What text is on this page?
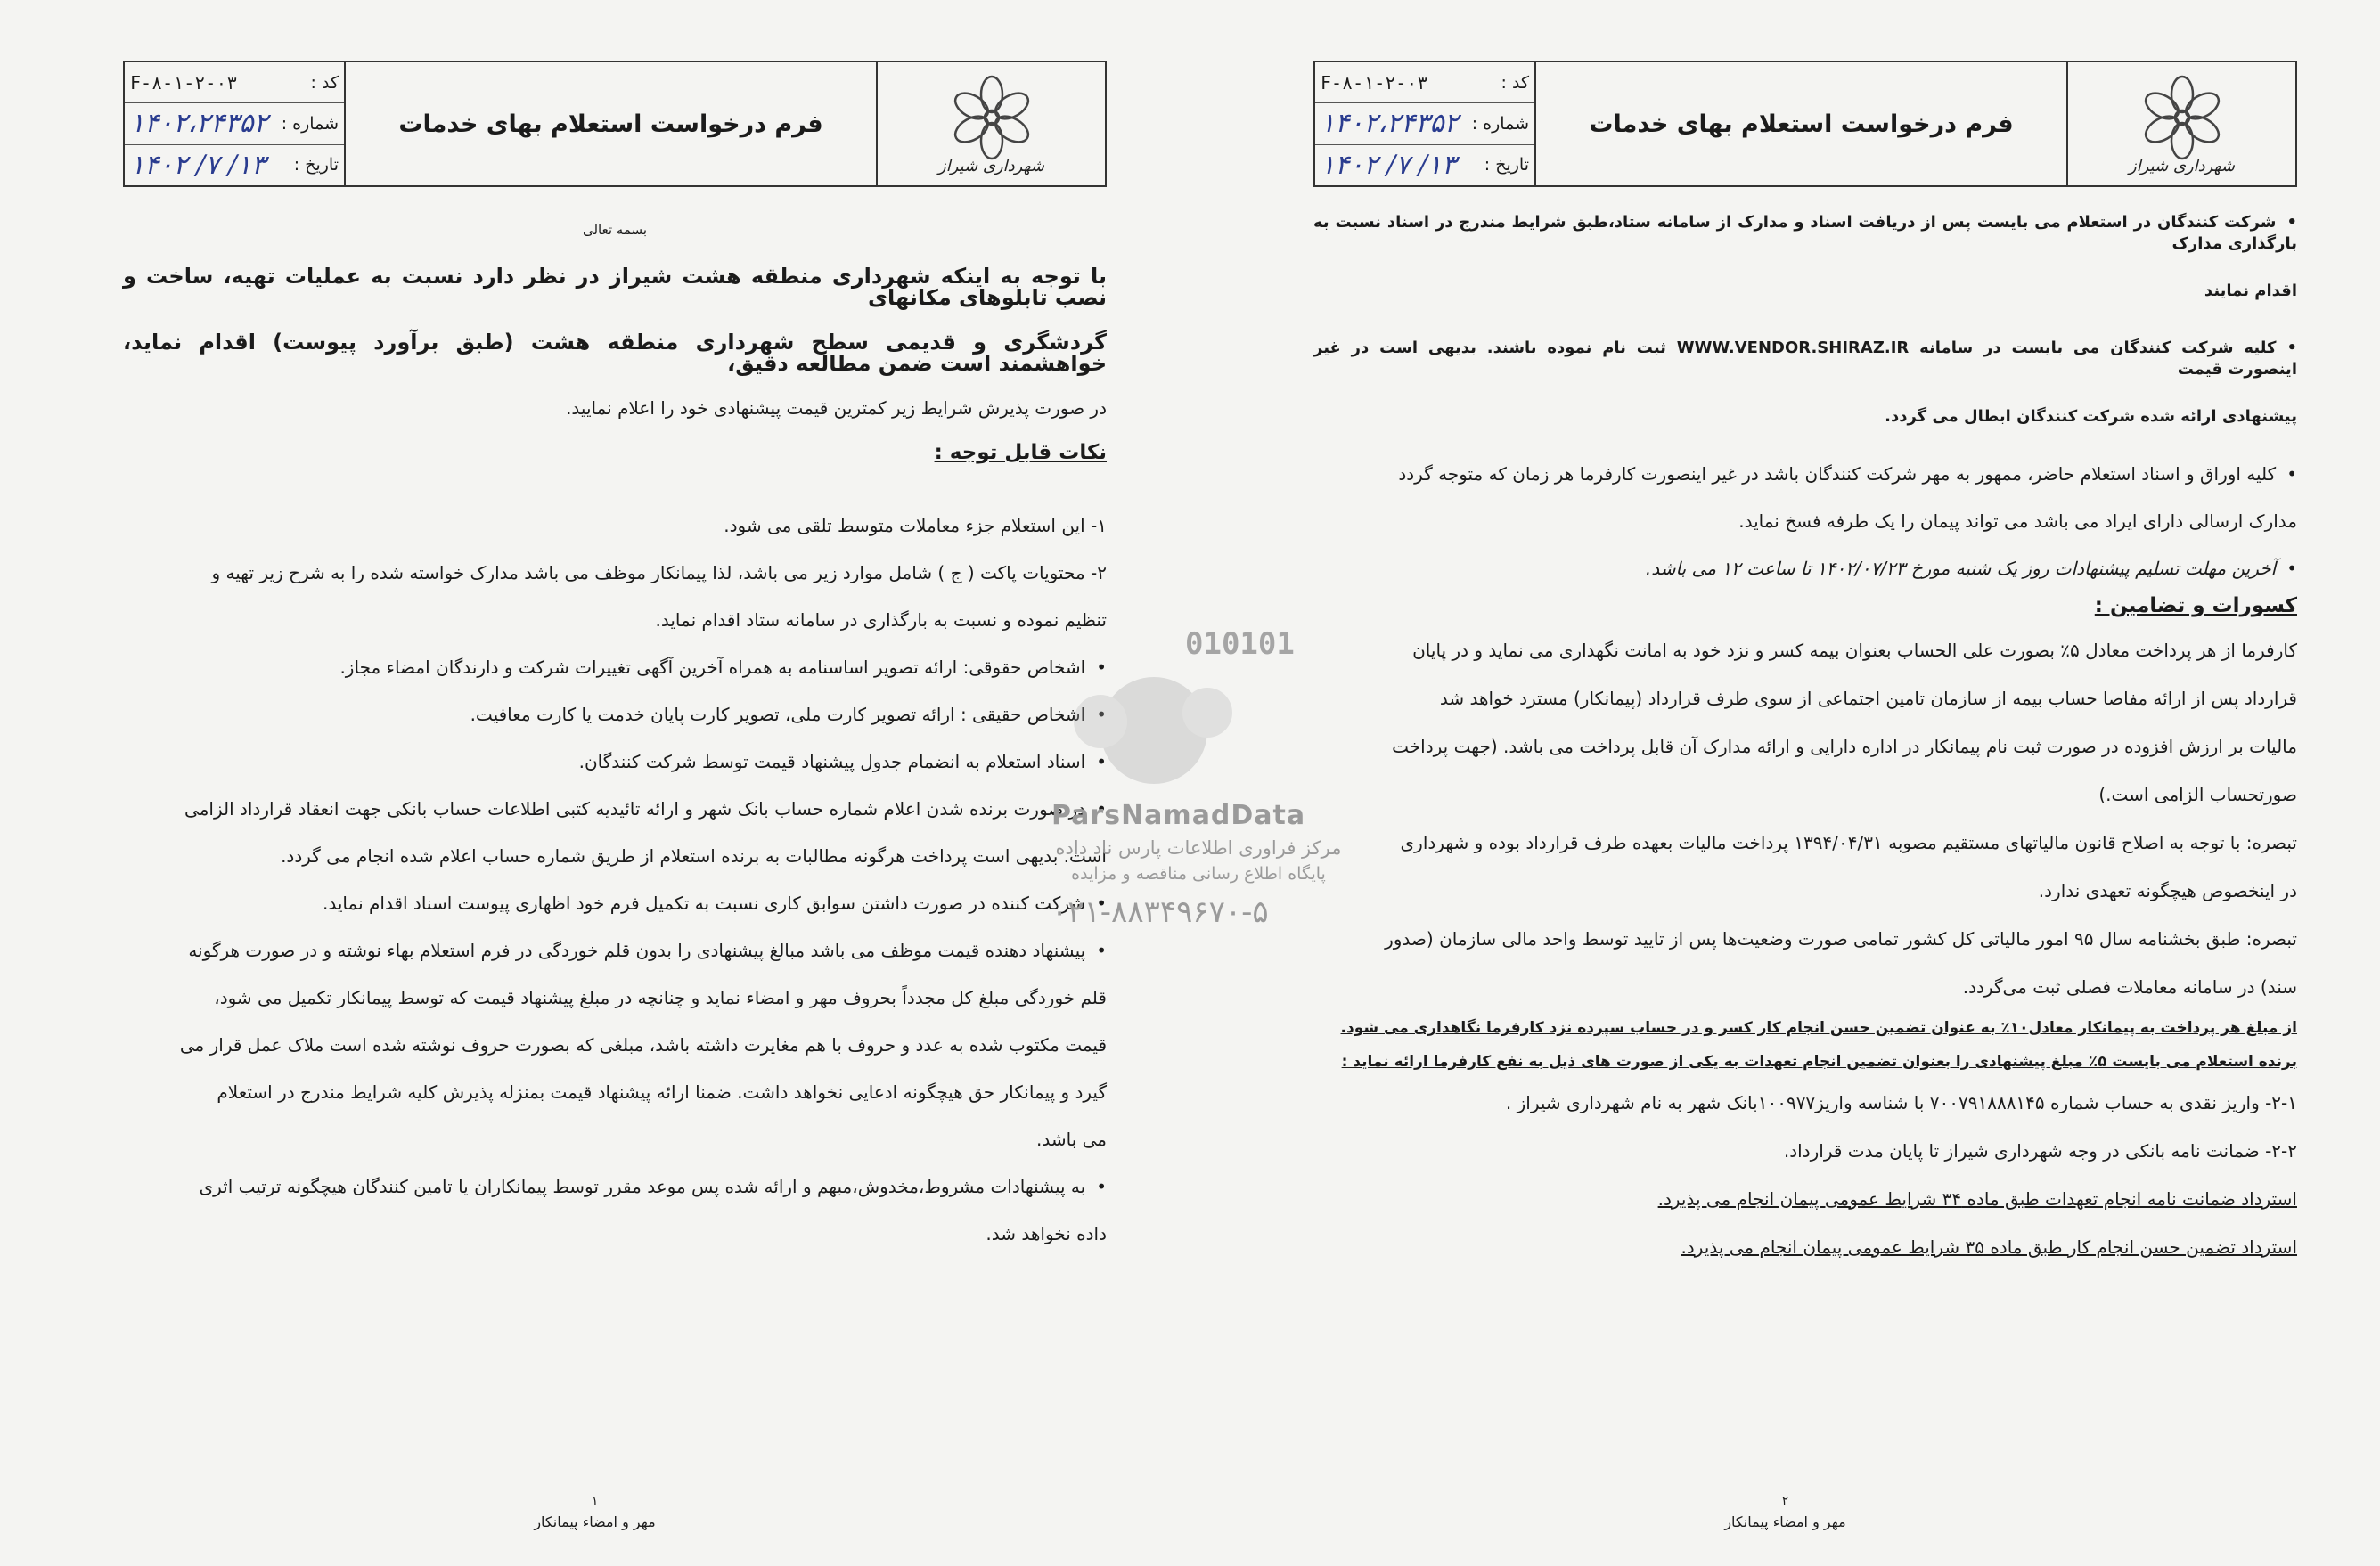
F-۸-۱-۲-۰۳	کد :
۱۴۰۲،۲۴۳۵۲ شماره :
۱۴۰۲ /۷ /۱۳ تاریخ :
فرم درخواست استعلام بهای خدمات
شهرداری شیراز

بسمه تعالی

با توجه به اینکه شهرداری منطقه هشت شیراز در نظر دارد نسبت به عملیات تهیه، ساخت و نصب تابلوهای مکانهای

گردشگری و قدیمی سطح شهرداری منطقه هشت (طبق برآورد پیوست) اقدام نماید، خواهشمند است ضمن مطالعه دقیق،

در صورت پذیرش شرایط زیر کمترین قیمت پیشنهادی خود را اعلام نمایید.

نکات قابل توجه :

۱- این استعلام جزء معاملات متوسط تلقی می شود.

۲- محتویات پاکت ( ج ) شامل موارد زیر می باشد، لذا پیمانکار موظف می باشد مدارک خواسته شده را به شرح زیر تهیه و

تنظیم نموده و نسبت به بارگذاری در سامانه ستاد اقدام نماید.

• اشخاص حقوقی: ارائه تصویر اساسنامه به همراه آخرین آگهی تغییرات شرکت و دارندگان امضاء مجاز.

• اشخاص حقیقی : ارائه تصویر کارت ملی، تصویر کارت پایان خدمت یا کارت معافیت.

• اسناد استعلام به انضمام جدول پیشنهاد قیمت توسط شرکت کنندگان.

• در صورت برنده شدن اعلام شماره حساب بانک شهر و ارائه تائیدیه کتبی اطلاعات حساب بانکی جهت انعقاد قرارداد الزامی

است. بدیهی است پرداخت هرگونه مطالبات به برنده استعلام از طریق شماره حساب اعلام شده انجام می گردد.

• شرکت کننده در صورت داشتن سوابق کاری نسبت به تکمیل فرم خود اظهاری پیوست اسناد اقدام نماید.

• پیشنهاد دهنده قیمت موظف می باشد مبالغ پیشنهادی را بدون قلم خوردگی در فرم استعلام بهاء نوشته و در صورت هرگونه

قلم خوردگی مبلغ کل مجدداً بحروف مهر و امضاء نماید و چنانچه در مبلغ پیشنهاد قیمت که توسط پیمانکار تکمیل می شود،

قیمت مکتوب شده به عدد و حروف با هم مغایرت داشته باشد، مبلغی که بصورت حروف نوشته شده است ملاک عمل قرار می

گیرد و پیمانکار حق هیچگونه ادعایی نخواهد داشت. ضمنا ارائه پیشنهاد قیمت بمنزله پذیرش کلیه شرایط مندرج در استعلام

می باشد.

• به پیشنهادات مشروط،مخدوش،مبهم و ارائه شده پس موعد مقرر توسط پیمانکاران یا تامین کنندگان هیچگونه ترتیب اثری

داده نخواهد شد.

۱
مهر و امضاء پیمانکار
F-۸-۱-۲-۰۳	کد :
۱۴۰۲،۲۴۳۵۲ شماره :
۱۴۰۲ /۷ /۱۳ تاریخ :
فرم درخواست استعلام بهای خدمات
شهرداری شیراز

• شرکت کنندگان در استعلام می بایست پس از دریافت اسناد و مدارک از سامانه ستاد،طبق شرایط مندرج در اسناد نسبت به بارگذاری مدارک

اقدام نمایند

• کلیه شرکت کنندگان می بایست در سامانه WWW.VENDOR.SHIRAZ.IR ثبت نام نموده باشند. بدیهی است در غیر اینصورت قیمت

پیشنهادی ارائه شده شرکت کنندگان ابطال می گردد.

• کلیه اوراق و اسناد استعلام حاضر، ممهور به مهر شرکت کنندگان باشد در غیر اینصورت کارفرما هر زمان که متوجه گردد

مدارک ارسالی دارای ایراد می باشد می تواند پیمان را یک طرفه فسخ نماید.

• آخرین مهلت تسلیم پیشنهادات روز یک شنبه مورخ ۱۴۰۲/۰۷/۲۳ تا ساعت ۱۲ می باشد.

کسورات و تضامین :

کارفرما از هر پرداخت معادل ۵٪ بصورت علی الحساب بعنوان بیمه کسر و نزد خود به امانت نگهداری می نماید و در پایان

قرارداد پس از ارائه مفاصا حساب بیمه از سازمان تامین اجتماعی از سوی طرف قرارداد (پیمانکار) مسترد خواهد شد

مالیات بر ارزش افزوده در صورت ثبت نام پیمانکار در اداره دارایی و ارائه مدارک آن قابل پرداخت می باشد. (جهت پرداخت

صورتحساب الزامی است.)

تبصره: با توجه به اصلاح قانون مالیاتهای مستقیم مصوبه ۱۳۹۴/۰۴/۳۱ پرداخت مالیات بعهده طرف قرارداد بوده و شهرداری

در اینخصوص هیچگونه تعهدی ندارد.

تبصره: طبق بخشنامه سال ۹۵ امور مالیاتی کل کشور تمامی صورت وضعیت‌ها پس از تایید توسط واحد مالی سازمان (صدور

سند) در سامانه معاملات فصلی ثبت می‌گردد.

از مبلغ هر پرداخت به پیمانکار معادل۱۰٪ به عنوان تضمین حسن انجام کار کسر و در حساب سپرده نزد کارفرما نگاهداری می شود.

برنده استعلام می بایست ۵٪ مبلغ پیشنهادی را بعنوان تضمین انجام تعهدات به یکی از صورت های ذیل به نفع کارفرما ارائه نماید :

۲-۱- واریز نقدی به حساب شماره ۷۰۰۷۹۱۸۸۸۱۴۵ با شناسه واریز۱۰۰۹۷۷بانک شهر به نام شهرداری شیراز .

۲-۲- ضمانت نامه بانکی در وجه شهرداری شیراز تا پایان مدت قرارداد.

استرداد ضمانت نامه انجام تعهدات طبق ماده ۳۴ شرایط عمومی پیمان انجام می پذیرد.

استرداد تضمین حسن انجام کار طبق ماده ۳۵ شرایط عمومی پیمان انجام می پذیرد.

۲
مهر و امضاء پیمانکار
010101
ParsNamadData
مرکز فراوری اطلاعات پارس ناد داده
پایگاه اطلاع رسانی مناقصه و مزایده
۰۲۱-۸۸۳۴۹۶۷۰-۵
